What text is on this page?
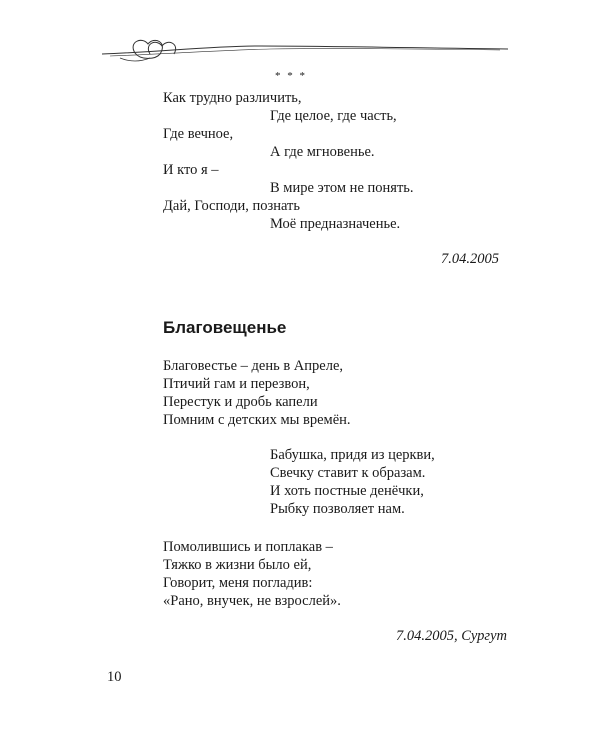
* * *
Как трудно различить,
Где целое, где часть,
Где вечное,
А где мгновенье.
И кто я –
В мире этом не понять.
Дай, Господи, познать
Моё предназначенье.
7.04.2005
Благовещенье
Благовестье – день в Апреле,
Птичий гам и перезвон,
Перестук и дробь капели
Помним с детских мы времён.
Бабушка, придя из церкви,
Свечку ставит к образам.
И хоть постные денёчки,
Рыбку позволяет нам.
Помолившись и поплакав –
Тяжко в жизни было ей,
Говорит, меня погладив:
«Рано, внучек, не взрослей».
7.04.2005, Сургут
10
